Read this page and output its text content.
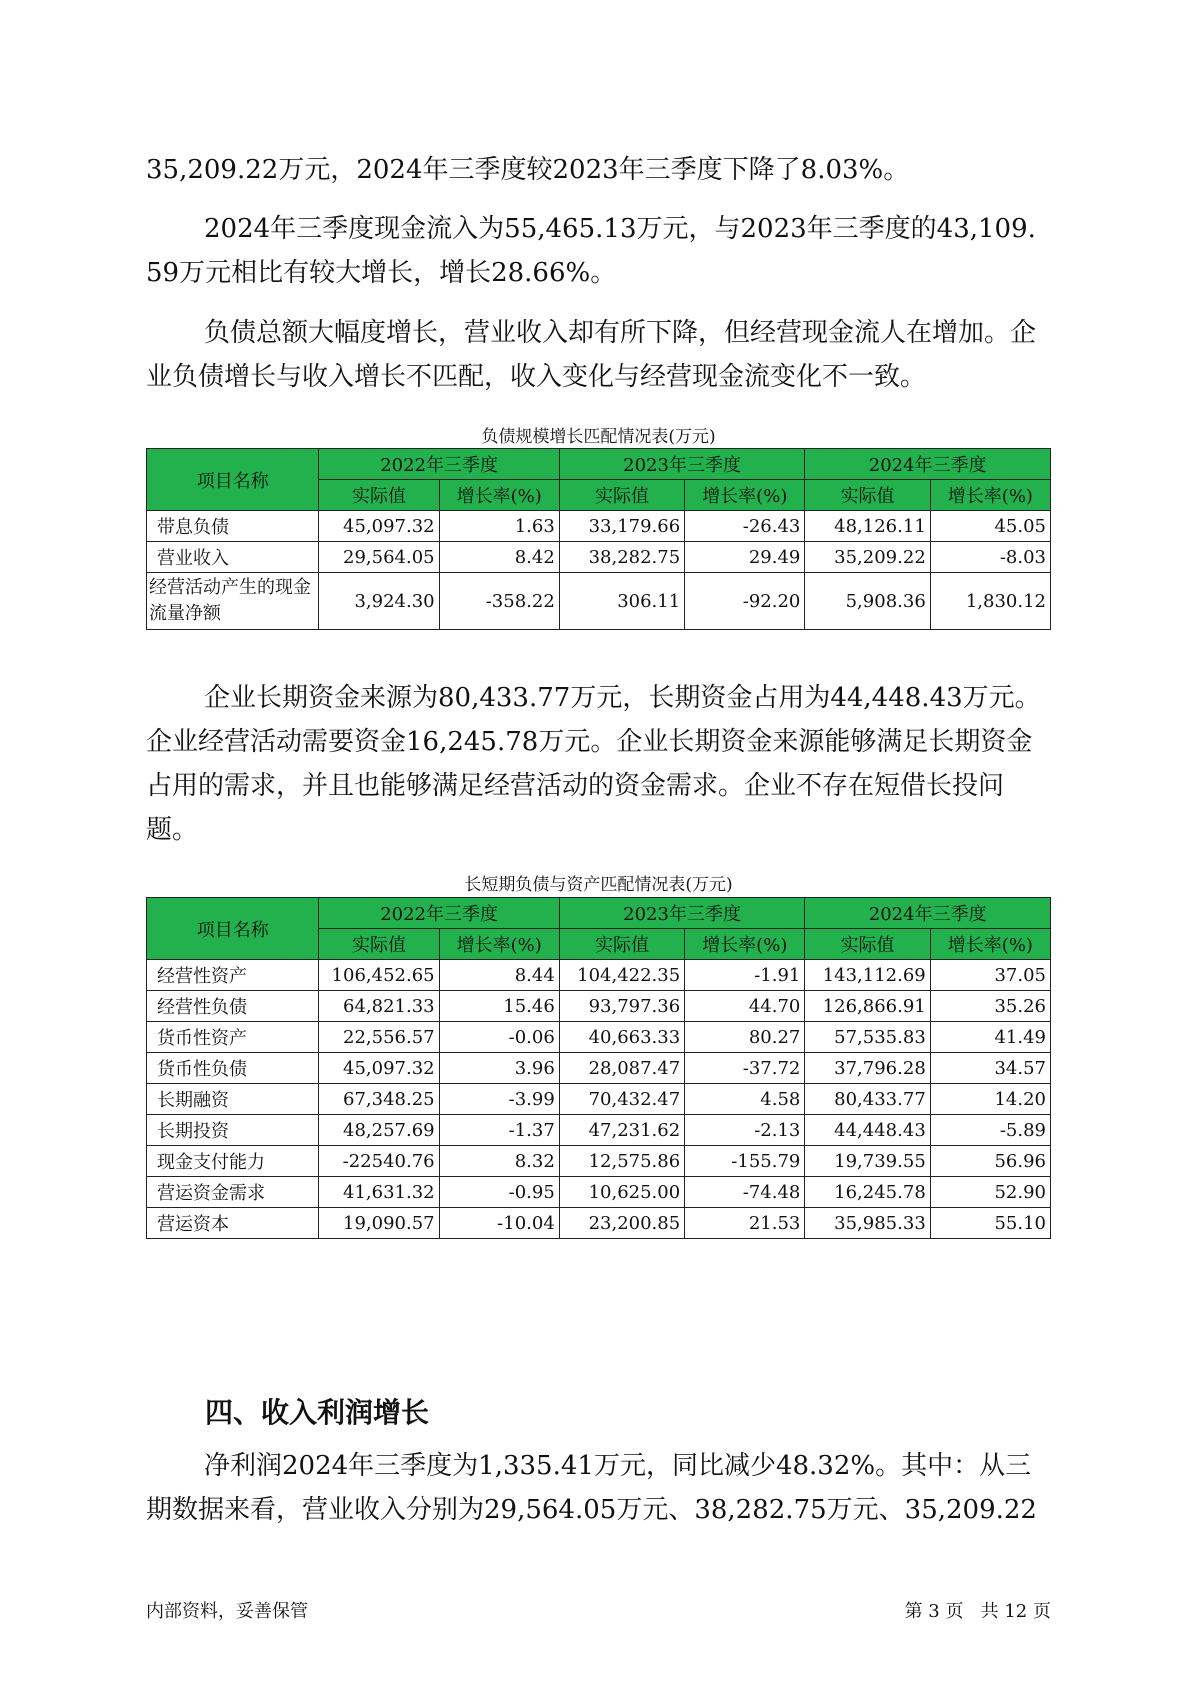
35,209.22万元，2024年三季度较2023年三季度下降了8.03%。

2024年三季度现金流入为55,465.13万元，与2023年三季度的43,109.59万元相比有较大增长，增长28.66%。

负债总额大幅度增长，营业收入却有所下降，但经营现金流人在增加。企业负债增长与收入增长不匹配，收入变化与经营现金流变化不一致。

负债规模增长匹配情况表(万元)
项目名称	2022年三季度		2023年三季度		2024年三季度	
	实际值	增长率(%)	实际值	增长率(%)	实际值	增长率(%)
带息负债	45,097.32	1.63	33,179.66	-26.43	48,126.11	45.05
营业收入	29,564.05	8.42	38,282.75	29.49	35,209.22	-8.03
经营活动产生的现金流量净额	3,924.30	-358.22	306.11	-92.20	5,908.36	1,830.12

企业长期资金来源为80,433.77万元，长期资金占用为44,448.43万元。企业经营活动需要资金16,245.78万元。企业长期资金来源能够满足长期资金占用的需求，并且也能够满足经营活动的资金需求。企业不存在短借长投问题。

长短期负债与资产匹配情况表(万元)
项目名称	2022年三季度		2023年三季度		2024年三季度	
	实际值	增长率(%)	实际值	增长率(%)	实际值	增长率(%)
经营性资产	106,452.65	8.44	104,422.35	-1.91	143,112.69	37.05
经营性负债	64,821.33	15.46	93,797.36	44.70	126,866.91	35.26
货币性资产	22,556.57	-0.06	40,663.33	80.27	57,535.83	41.49
货币性负债	45,097.32	3.96	28,087.47	-37.72	37,796.28	34.57
长期融资	67,348.25	-3.99	70,432.47	4.58	80,433.77	14.20
长期投资	48,257.69	-1.37	47,231.62	-2.13	44,448.43	-5.89
现金支付能力	-22540.76	8.32	12,575.86	-155.79	19,739.55	56.96
营运资金需求	41,631.32	-0.95	10,625.00	-74.48	16,245.78	52.90
营运资本	19,090.57	-10.04	23,200.85	21.53	35,985.33	55.10
四、收入利润增长

净利润2024年三季度为1,335.41万元，同比减少48.32%。其中：从三期数据来看，营业收入分别为29,564.05万元、38,282.75万元、35,209.22

内部资料，妥善保管	第 3 页   共 12 页
